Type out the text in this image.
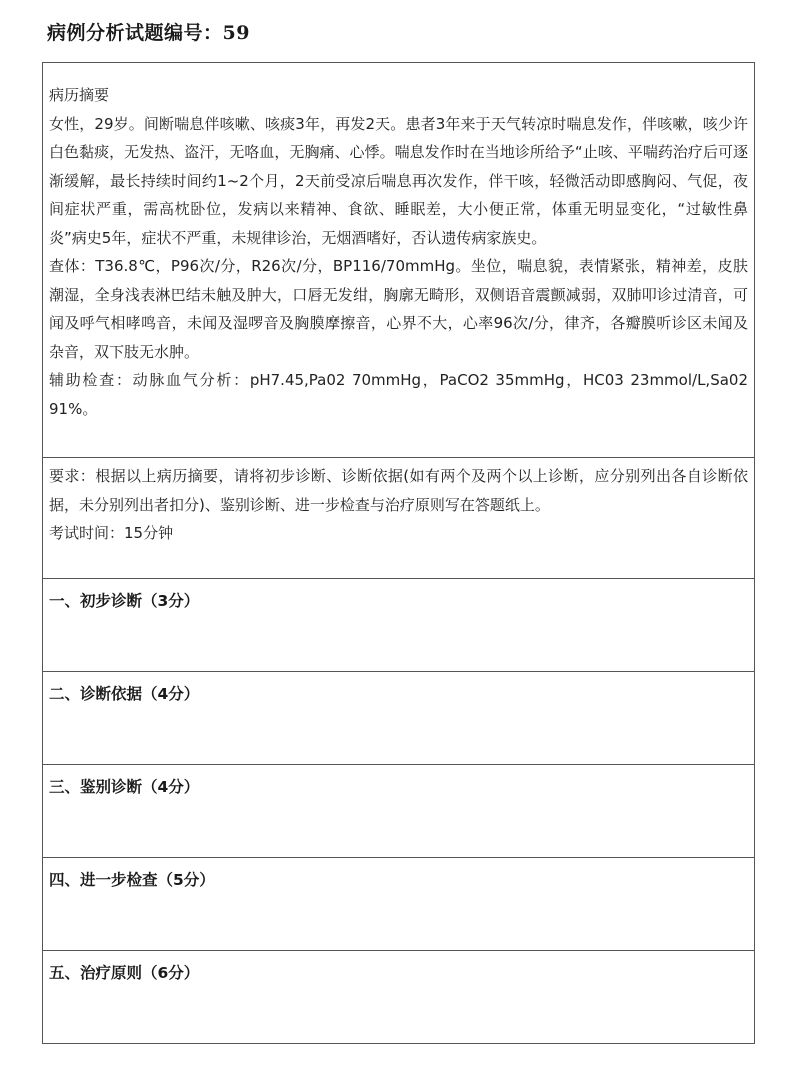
病例分析试题编号：59

病历摘要

女性，29岁。间断喘息伴咳嗽、咳痰3年，再发2天。患者3年来于天气转凉时喘息发作，伴咳嗽，咳少许白色黏痰，无发热、盗汗，无咯血，无胸痛、心悸。喘息发作时在当地诊所给予“止咳、平喘药治疗后可逐渐缓解，最长持续时间约1~2个月，2天前受凉后喘息再次发作，伴干咳，轻微活动即感胸闷、气促，夜间症状严重，需高枕卧位，发病以来精神、食欲、睡眠差，大小便正常，体重无明显变化，“过敏性鼻炎”病史5年，症状不严重，未规律诊治，无烟酒嗜好，否认遗传病家族史。

查体：T36.8℃，P96次/分，R26次/分，BP116/70mmHg。坐位，喘息貌，表情紧张，精神差，皮肤潮湿，全身浅表淋巴结未触及肿大，口唇无发绀，胸廓无畸形，双侧语音震颤减弱，双肺叩诊过清音，可闻及呼气相哮鸣音，未闻及湿啰音及胸膜摩擦音，心界不大，心率96次/分，律齐，各瓣膜听诊区未闻及杂音，双下肢无水肿。

辅助检查：动脉血气分析：pH7.45,Pa02 70mmHg，PaCO2 35mmHg，HC03 23mmol/L,Sa02 91%。

要求：根据以上病历摘要，请将初步诊断、诊断依据(如有两个及两个以上诊断，应分别列出各自诊断依据，未分别列出者扣分)、鉴别诊断、进一步检查与治疗原则写在答题纸上。

考试时间：15分钟

一、初步诊断（3分）
二、诊断依据（4分）
三、鉴别诊断（4分）
四、进一步检查（5分）
五、治疗原则（6分）
